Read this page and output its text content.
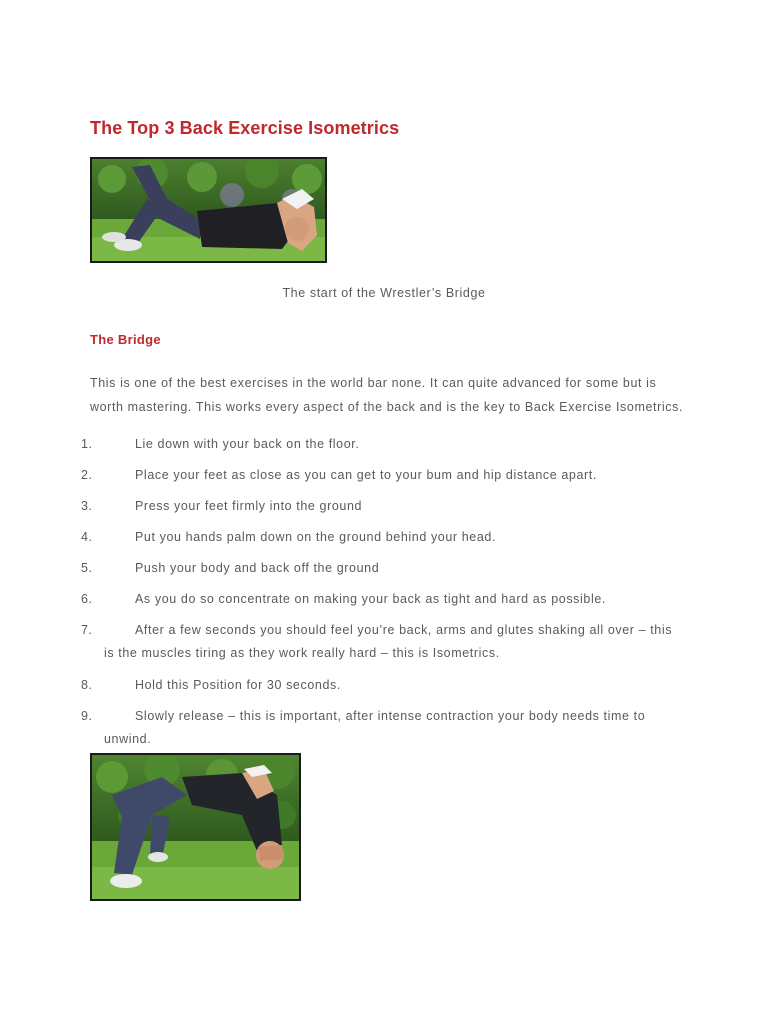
The Top 3 Back Exercise Isometrics

The start of the Wrestler’s Bridge

The Bridge

This is one of the best exercises in the world bar none. It can quite advanced for some but is worth mastering. This works every aspect of the back and is the key to Back Exercise Isometrics.

1.	Lie down with your back on the floor.
2.	Place your feet as close as you can get to your bum and hip distance apart.
3.	Press your feet firmly into the ground
4.	Put you hands palm down on the ground behind your head.
5.	Push your body and back off the ground
6.	As you do so concentrate on making your back as tight and hard as possible.
7.	After a few seconds you should feel you’re back, arms and glutes shaking all over – this is the muscles tiring as they work really hard – this is Isometrics.
8.	Hold this Position for 30 seconds.
9.	Slowly release – this is important, after intense contraction your body needs time to unwind.
